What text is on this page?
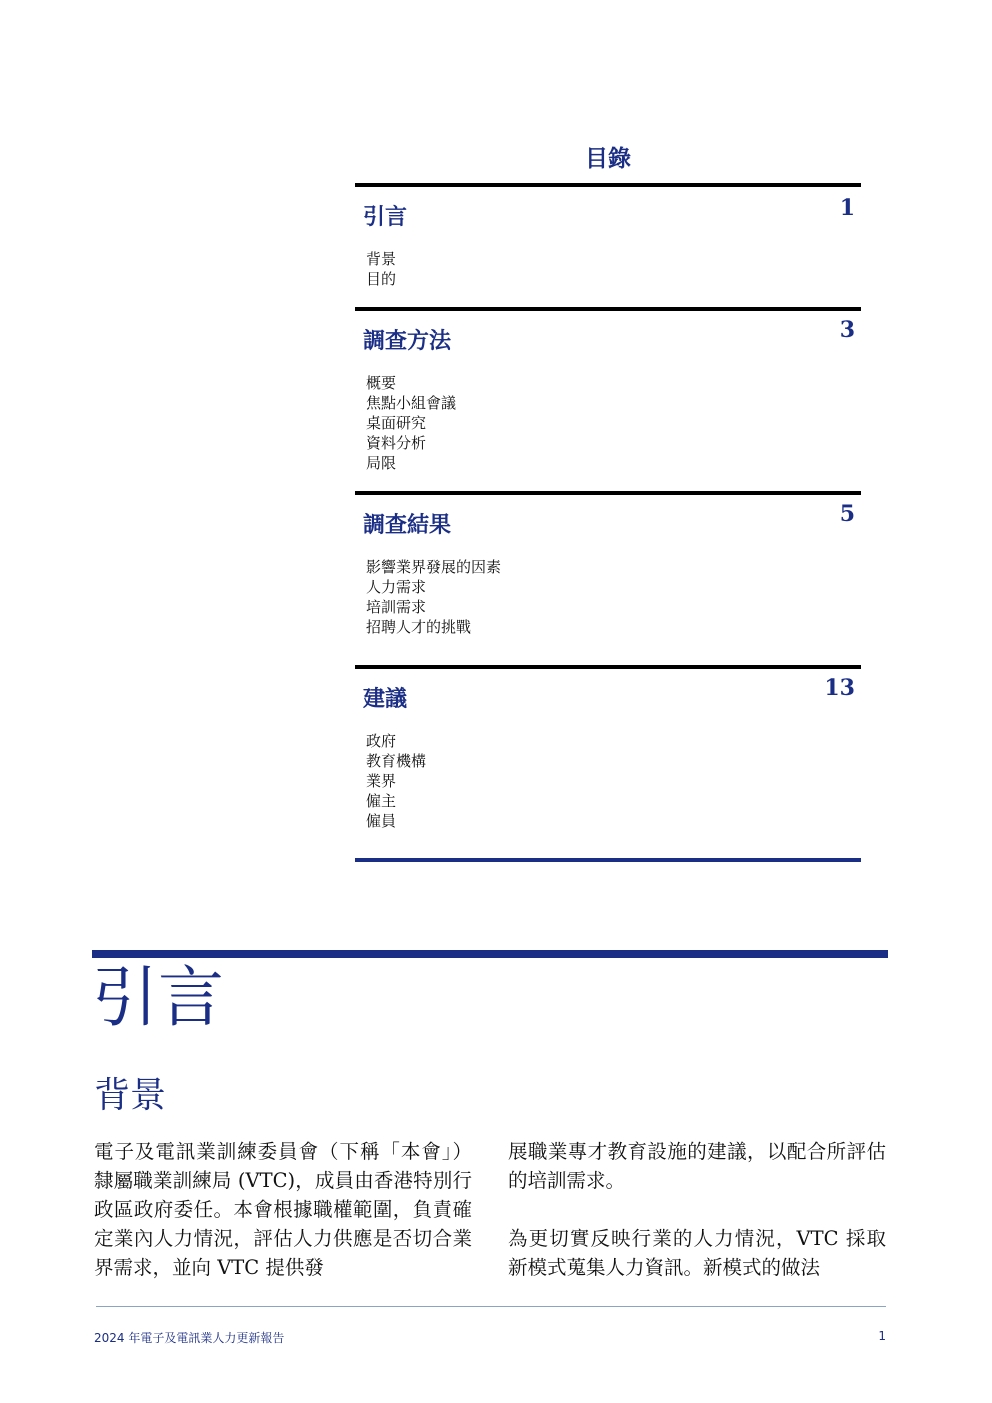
目錄
引言	1
背景
目的
調查方法	3
概要
焦點小組會議
桌面研究
資料分析
局限
調查結果	5
影響業界發展的因素
人力需求
培訓需求
招聘人才的挑戰
建議	13
政府
教育機構
業界
僱主
僱員
引言
背景

電子及電訊業訓練委員會（下稱「本會」）隸屬職業訓練局 (VTC)，成員由香港特別行政區政府委任。本會根據職權範圍，負責確定業內人力情況，評估人力供應是否切合業界需求，並向 VTC 提供發

展職業專才教育設施的建議，以配合所評估的培訓需求。

為更切實反映行業的人力情況，VTC 採取新模式蒐集人力資訊。新模式的做法

2024 年電子及電訊業人力更新報告	1
